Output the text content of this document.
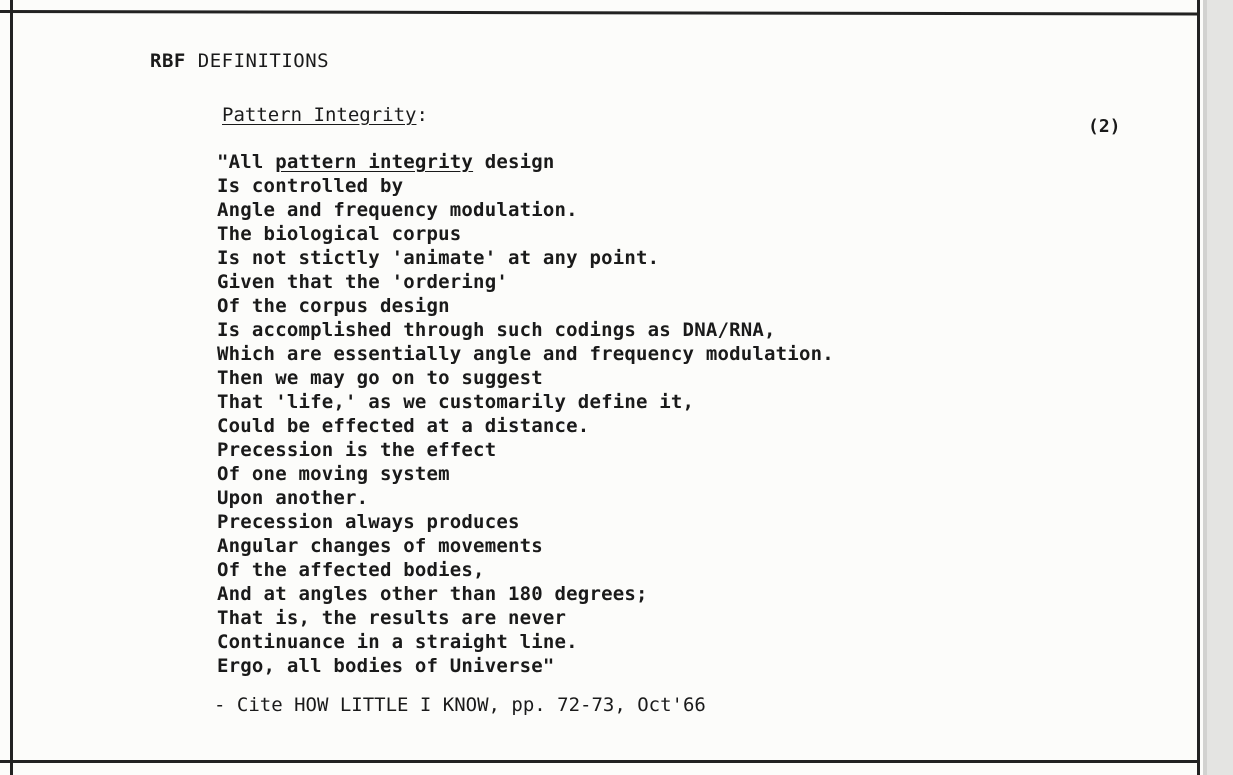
RBF DEFINITIONS
Pattern Integrity:
(2)
"All pattern integrity design
Is controlled by
Angle and frequency modulation.
The biological corpus
Is not stictly 'animate' at any point.
Given that the 'ordering'
Of the corpus design
Is accomplished through such codings as DNA/RNA,
Which are essentially angle and frequency modulation.
Then we may go on to suggest
That 'life,' as we customarily define it,
Could be effected at a distance.
Precession is the effect
Of one moving system
Upon another.
Precession always produces
Angular changes of movements
Of the affected bodies,
And at angles other than 180 degrees;
That is, the results are never
Continuance in a straight line.
Ergo, all bodies of Universe"
- Cite HOW LITTLE I KNOW, pp. 72-73, Oct'66
